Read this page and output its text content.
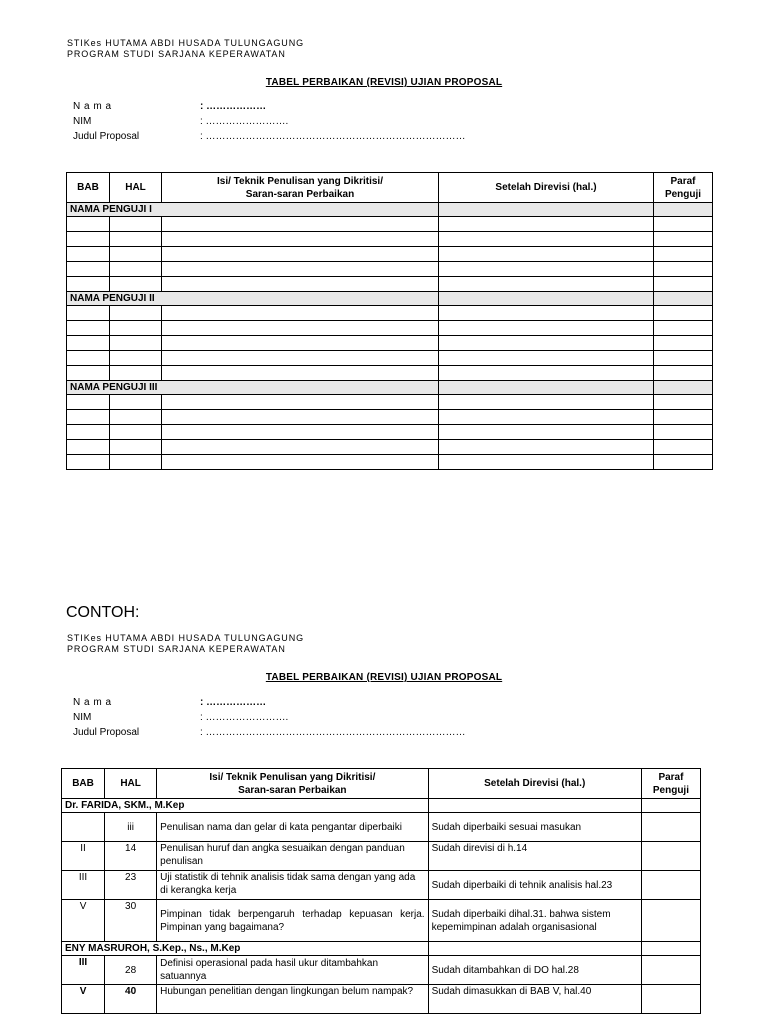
STIKes HUTAMA ABDI HUSADA TULUNGAGUNG
PROGRAM STUDI SARJANA KEPERAWATAN
TABEL PERBAIKAN (REVISI) UJIAN PROPOSAL
N a m a	: ………………
NIM	: …………………….
Judul Proposal	: ……………………………………………………………………
BAB	HAL	Isi/ Teknik Penulisan yang Dikritisi/
Saran-saran Perbaikan	Setelah Direvisi (hal.)	Paraf
Penguji
NAMA PENGUJI I				

NAMA PENGUJI II				

NAMA PENGUJI III				

CONTOH:
STIKes HUTAMA ABDI HUSADA TULUNGAGUNG
PROGRAM STUDI SARJANA KEPERAWATAN
TABEL PERBAIKAN (REVISI) UJIAN PROPOSAL
N a m a	: ………………
NIM	: …………………….
Judul Proposal	: ……………………………………………………………………
BAB	HAL	Isi/ Teknik Penulisan yang Dikritisi/
Saran-saran Perbaikan	Setelah Direvisi (hal.)	Paraf
Penguji
Dr. FARIDA, SKM., M.Kep				
	iii	Penulisan nama dan gelar di kata pengantar diperbaiki	Sudah diperbaiki sesuai masukan	
II	14	Penulisan huruf dan angka sesuaikan dengan panduan penulisan	Sudah direvisi di h.14	
III	23	Uji statistik di tehnik analisis tidak sama dengan yang ada di kerangka kerja	Sudah diperbaiki di tehnik analisis hal.23	
V	30	Pimpinan tidak berpengaruh terhadap kepuasan kerja. Pimpinan yang bagaimana?	Sudah diperbaiki dihal.31. bahwa sistem kepemimpinan adalah organisasional	
ENY MASRUROH, S.Kep., Ns., M.Kep				
III	28	Definisi operasional pada hasil ukur ditambahkan satuannya	Sudah ditambahkan di DO hal.28	
V	40	Hubungan penelitian dengan lingkungan belum nampak?	Sudah dimasukkan di BAB V, hal.40	
